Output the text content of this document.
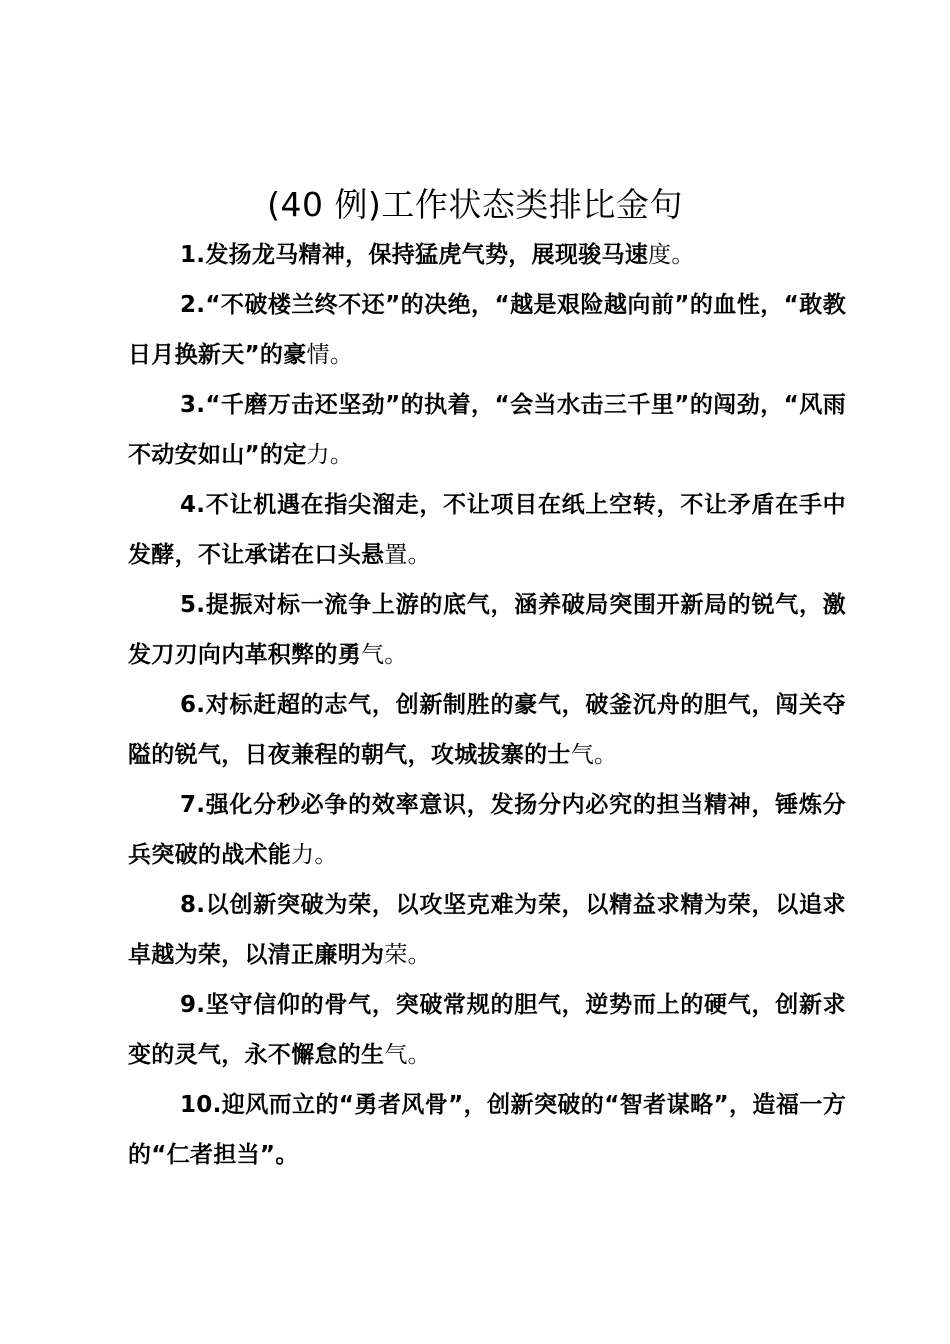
(40 例)工作状态类排比金句

1.发扬龙马精神，保持猛虎气势，展现骏马速度。

2.“不破楼兰终不还”的决绝，“越是艰险越向前”的血性，“敢教日月换新天”的豪情。

3.“千磨万击还坚劲”的执着，“会当水击三千里”的闯劲，“风雨不动安如山”的定力。

4.不让机遇在指尖溜走，不让项目在纸上空转，不让矛盾在手中发酵，不让承诺在口头悬置。

5.提振对标一流争上游的底气，涵养破局突围开新局的锐气，激发刀刃向内革积弊的勇气。

6.对标赶超的志气，创新制胜的豪气，破釜沉舟的胆气，闯关夺隘的锐气，日夜兼程的朝气，攻城拔寨的士气。

7.强化分秒必争的效率意识，发扬分内必究的担当精神，锤炼分兵突破的战术能力。

8.以创新突破为荣，以攻坚克难为荣，以精益求精为荣，以追求卓越为荣，以清正廉明为荣。

9.坚守信仰的骨气，突破常规的胆气，逆势而上的硬气，创新求变的灵气，永不懈怠的生气。

10.迎风而立的“勇者风骨”，创新突破的“智者谋略”，造福一方的“仁者担当”。
